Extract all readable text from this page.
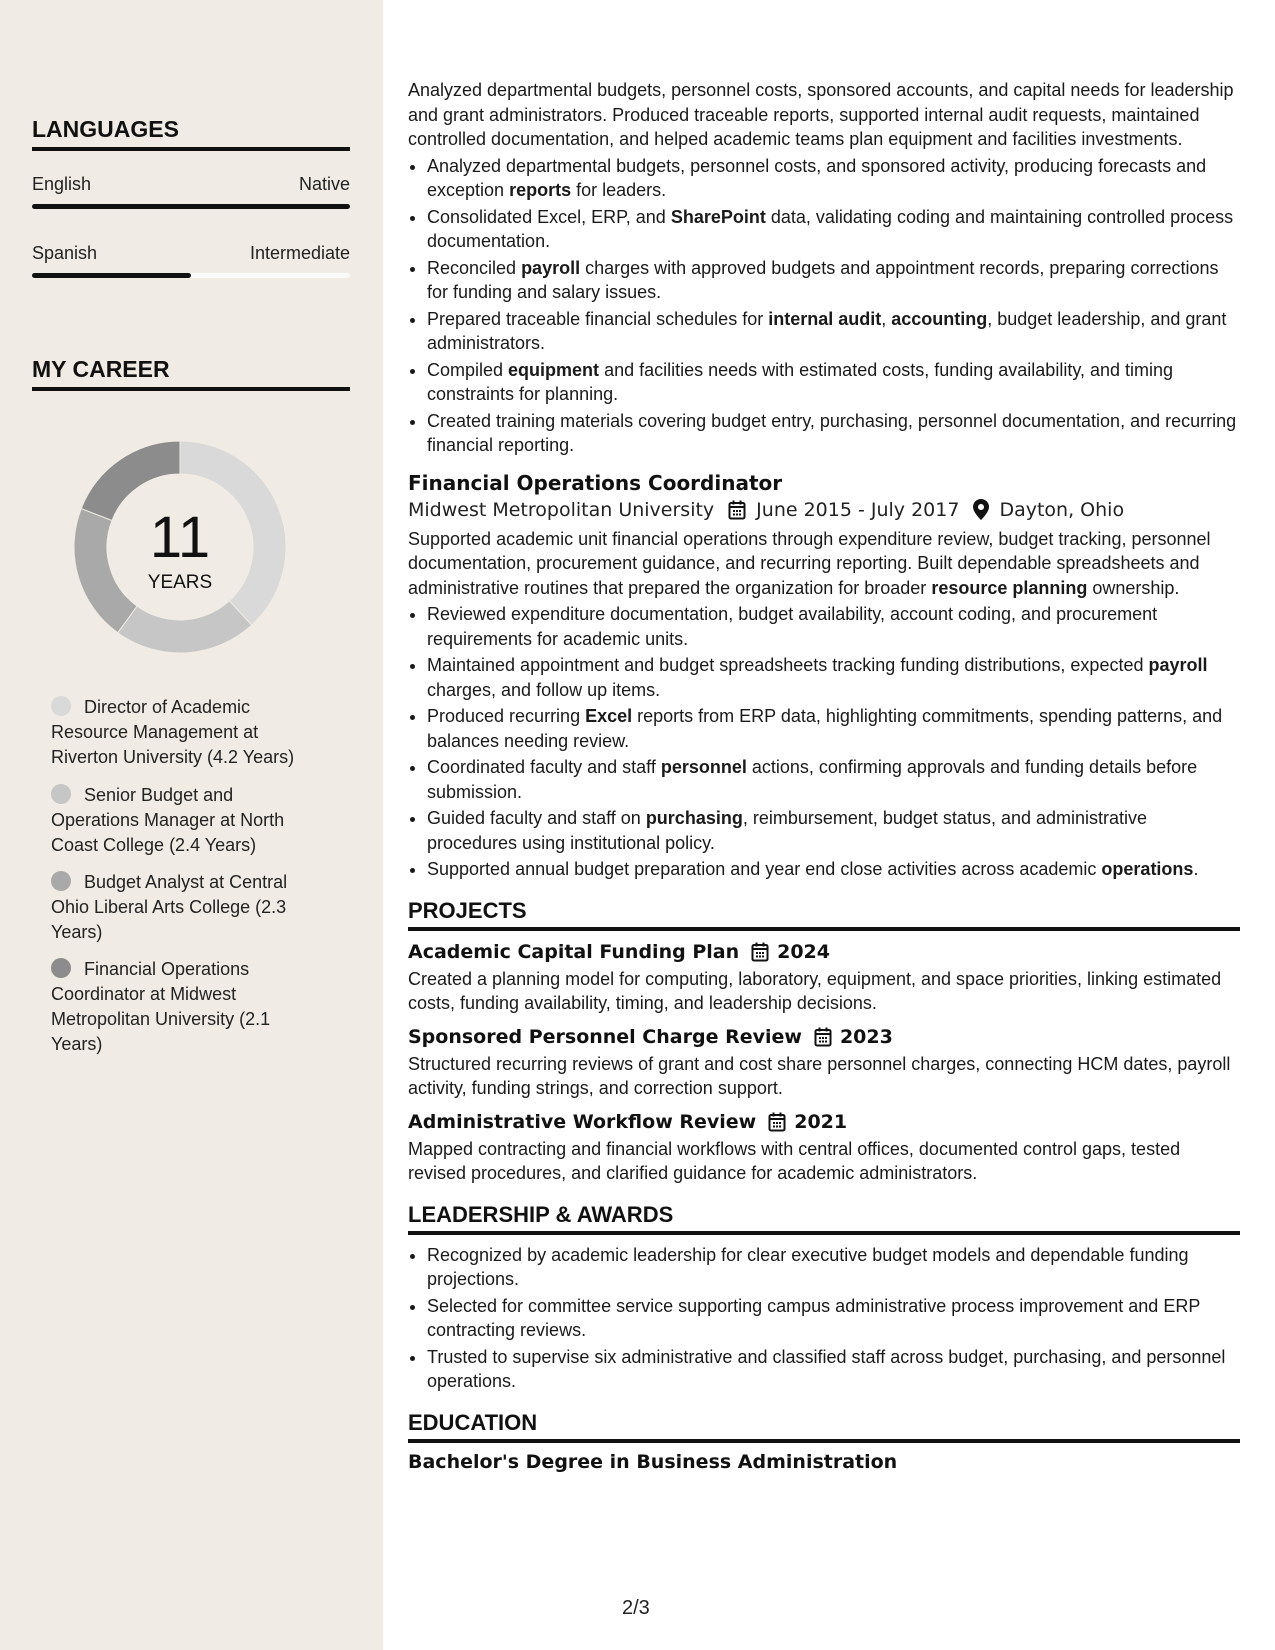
LANGUAGES
English	Native
Spanish	Intermediate
MY CAREER
11
YEARS
Director of Academic Resource Management at Riverton University (4.2 Years)
Senior Budget and Operations Manager at North Coast College (2.4 Years)
Budget Analyst at Central Ohio Liberal Arts College (2.3 Years)
Financial Operations Coordinator at Midwest Metropolitan University (2.1 Years)

Analyzed departmental budgets, personnel costs, sponsored accounts, and capital needs for leadership and grant administrators. Produced traceable reports, supported internal audit requests, maintained controlled documentation, and helped academic teams plan equipment and facilities investments.

• Analyzed departmental budgets, personnel costs, and sponsored activity, producing forecasts and exception reports for leaders.
• Consolidated Excel, ERP, and SharePoint data, validating coding and maintaining controlled process documentation.
• Reconciled payroll charges with approved budgets and appointment records, preparing corrections for funding and salary issues.
• Prepared traceable financial schedules for internal audit, accounting, budget leadership, and grant administrators.
• Compiled equipment and facilities needs with estimated costs, funding availability, and timing constraints for planning.
• Created training materials covering budget entry, purchasing, personnel documentation, and recurring financial reporting.
Financial Operations Coordinator
Midwest Metropolitan University June 2015 - July 2017 Dayton, Ohio

Supported academic unit financial operations through expenditure review, budget tracking, personnel documentation, procurement guidance, and recurring reporting. Built dependable spreadsheets and administrative routines that prepared the organization for broader resource planning ownership.

• Reviewed expenditure documentation, budget availability, account coding, and procurement requirements for academic units.
• Maintained appointment and budget spreadsheets tracking funding distributions, expected payroll charges, and follow up items.
• Produced recurring Excel reports from ERP data, highlighting commitments, spending patterns, and balances needing review.
• Coordinated faculty and staff personnel actions, confirming approvals and funding details before submission.
• Guided faculty and staff on purchasing, reimbursement, budget status, and administrative procedures using institutional policy.
• Supported annual budget preparation and year end close activities across academic operations.
PROJECTS
Academic Capital Funding Plan 2024

Created a planning model for computing, laboratory, equipment, and space priorities, linking estimated costs, funding availability, timing, and leadership decisions.

Sponsored Personnel Charge Review 2023

Structured recurring reviews of grant and cost share personnel charges, connecting HCM dates, payroll activity, funding strings, and correction support.

Administrative Workflow Review 2021

Mapped contracting and financial workflows with central offices, documented control gaps, tested revised procedures, and clarified guidance for academic administrators.

LEADERSHIP & AWARDS
• Recognized by academic leadership for clear executive budget models and dependable funding projections.
• Selected for committee service supporting campus administrative process improvement and ERP contracting reviews.
• Trusted to supervise six administrative and classified staff across budget, purchasing, and personnel operations.
EDUCATION
Bachelor's Degree in Business Administration
2/3
